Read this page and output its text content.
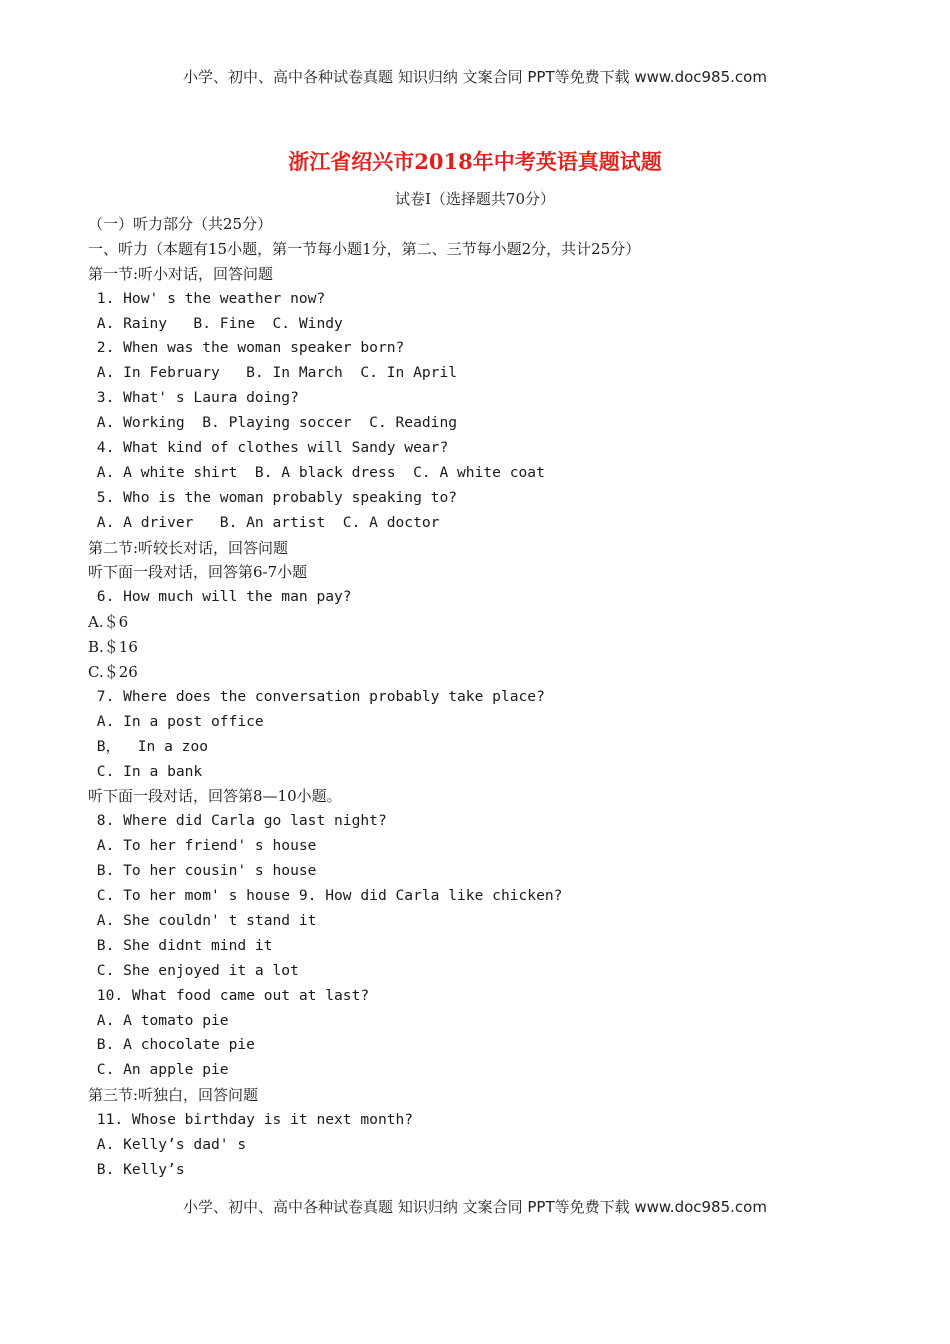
小学、初中、高中各种试卷真题 知识归纳 文案合同 PPT等免费下载 www.doc985.com
浙江省绍兴市2018年中考英语真题试题
试卷I（选择题共70分）
（一）听力部分（共25分）
一、听力（本题有15小题，第一节每小题1分，第二、三节每小题2分，共计25分）
第一节:听小对话，回答问题
1. How' s the weather now?
A. Rainy   B. Fine  C. Windy
2. When was the woman speaker born?
A. In February   B. In March  C. In April
3. What' s Laura doing?
A. Working  B. Playing soccer  C. Reading
4. What kind of clothes will Sandy wear?
A. A white shirt  B. A black dress  C. A white coat
5. Who is the woman probably speaking to?
A. A driver   B. An artist  C. A doctor
第二节:听较长对话，回答问题
听下面一段对话，回答第6-7小题
6. How much will the man pay?
A.＄6
B.＄16
C.＄26
7. Where does the conversation probably take place?
A. In a post office
B，  In a zoo
C. In a bank
听下面一段对话，回答第8—10小题。
8. Where did Carla go last night?
A. To her friend' s house
B. To her cousin' s house
C. To her mom' s house 9. How did Carla like chicken?
A. She couldn' t stand it
B. She didnt mind it
C. She enjoyed it a lot
10. What food came out at last?
A. A tomato pie
B. A chocolate pie
C. An apple pie
第三节:听独白，回答问题
11. Whose birthday is it next month?
A. Kelly’s dad' s
B. Kelly’s
小学、初中、高中各种试卷真题 知识归纳 文案合同 PPT等免费下载 www.doc985.com
